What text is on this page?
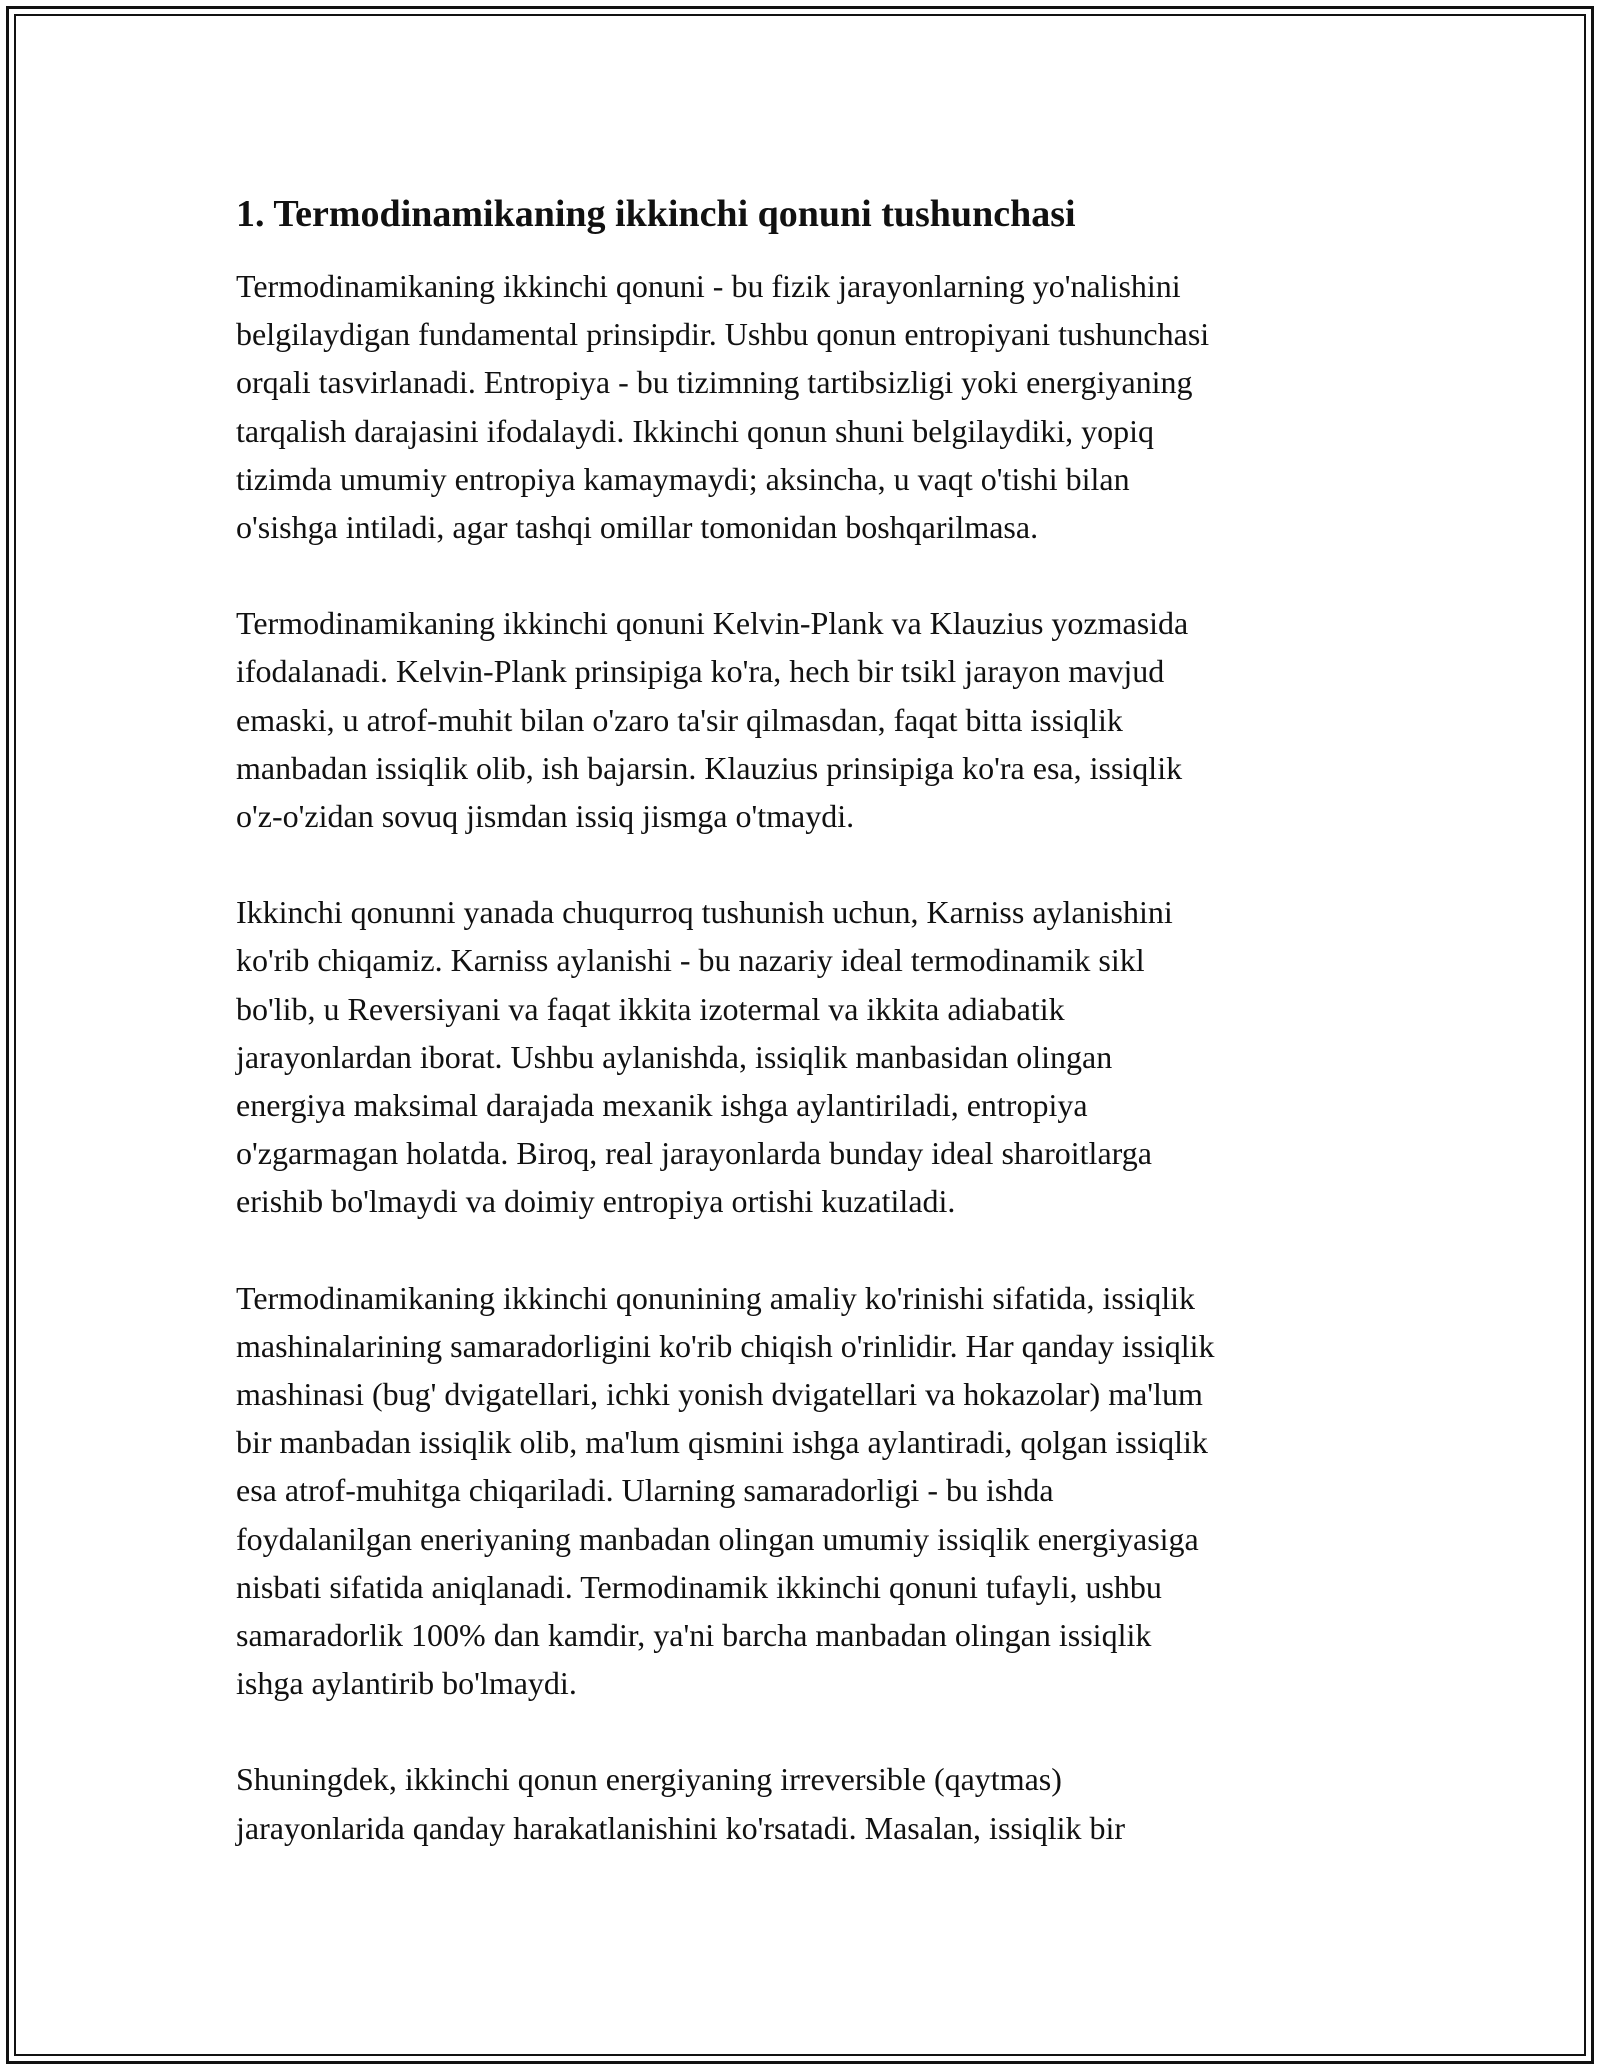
1. Termodinamikaning ikkinchi qonuni tushunchasi

Termodinamikaning ikkinchi qonuni - bu fizik jarayonlarning yo'nalishini
belgilaydigan fundamental prinsipdir. Ushbu qonun entropiyani tushunchasi
orqali tasvirlanadi. Entropiya - bu tizimning tartibsizligi yoki energiyaning
tarqalish darajasini ifodalaydi. Ikkinchi qonun shuni belgilaydiki, yopiq
tizimda umumiy entropiya kamaymaydi; aksincha, u vaqt o'tishi bilan
o'sishga intiladi, agar tashqi omillar tomonidan boshqarilmasa.

Termodinamikaning ikkinchi qonuni Kelvin-Plank va Klauzius yozmasida
ifodalanadi. Kelvin-Plank prinsipiga ko'ra, hech bir tsikl jarayon mavjud
emaski, u atrof-muhit bilan o'zaro ta'sir qilmasdan, faqat bitta issiqlik
manbadan issiqlik olib, ish bajarsin. Klauzius prinsipiga ko'ra esa, issiqlik
o'z-o'zidan sovuq jismdan issiq jismga o'tmaydi.

Ikkinchi qonunni yanada chuqurroq tushunish uchun, Karniss aylanishini
ko'rib chiqamiz. Karniss aylanishi - bu nazariy ideal termodinamik sikl
bo'lib, u Reversiyani va faqat ikkita izotermal va ikkita adiabatik
jarayonlardan iborat. Ushbu aylanishda, issiqlik manbasidan olingan
energiya maksimal darajada mexanik ishga aylantiriladi, entropiya
o'zgarmagan holatda. Biroq, real jarayonlarda bunday ideal sharoitlarga
erishib bo'lmaydi va doimiy entropiya ortishi kuzatiladi.

Termodinamikaning ikkinchi qonunining amaliy ko'rinishi sifatida, issiqlik
mashinalarining samaradorligini ko'rib chiqish o'rinlidir. Har qanday issiqlik
mashinasi (bug' dvigatellari, ichki yonish dvigatellari va hokazolar) ma'lum
bir manbadan issiqlik olib, ma'lum qismini ishga aylantiradi, qolgan issiqlik
esa atrof-muhitga chiqariladi. Ularning samaradorligi - bu ishda
foydalanilgan eneriyaning manbadan olingan umumiy issiqlik energiyasiga
nisbati sifatida aniqlanadi. Termodinamik ikkinchi qonuni tufayli, ushbu
samaradorlik 100% dan kamdir, ya'ni barcha manbadan olingan issiqlik
ishga aylantirib bo'lmaydi.

Shuningdek, ikkinchi qonun energiyaning irreversible (qaytmas)
jarayonlarida qanday harakatlanishini ko'rsatadi. Masalan, issiqlik bir
